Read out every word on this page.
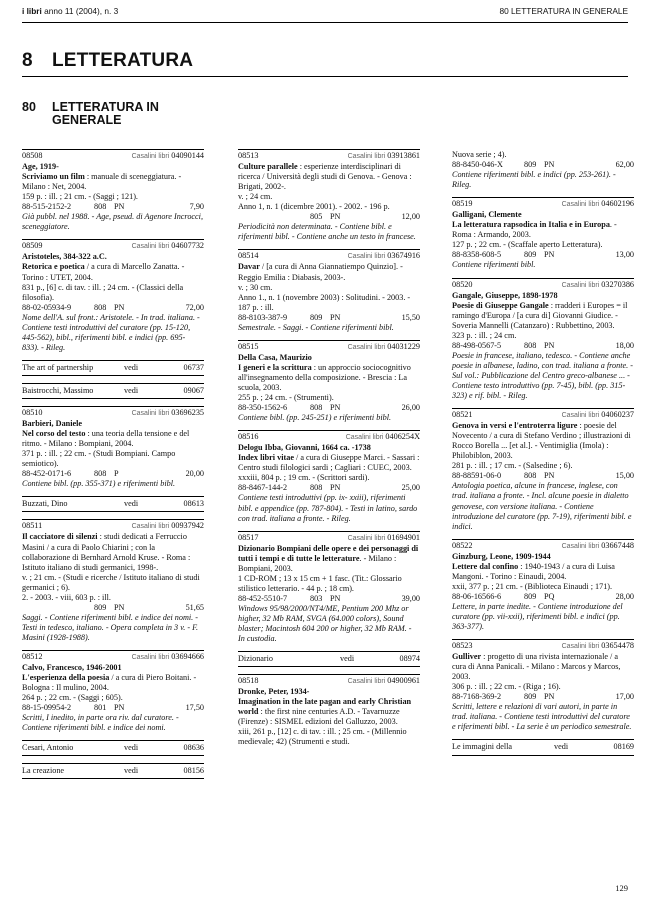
i libri anno 11 (2004), n. 3	80 LETTERATURA IN GENERALE
8 LETTERATURA
80 LETTERATURA IN
GENERALE
08508	Casalini libri 04090144

Age, 1919-

Scriviamo un film : manuale di sceneggiatura. - Milano : Net, 2004.

159 p. : ill. ; 21 cm. - (Saggi ; 121).

88-515-2152-2	808 PN	7,90

Già pubbl. nel 1988. - Age, pseud. di Agenore Incrocci, sceneggiatore.

08509	Casalini libri 04607732

Aristoteles, 384-322 a.C.

Retorica e poetica / a cura di Marcello Zanatta. - Torino : UTET, 2004.

831 p., [6] c. di tav. : ill. ; 24 cm. - (Classici della filosofia).

88-02-05934-9	808 PN	72,00

Nome dell'A. sul front.: Aristotele. - In trad. italiana. - Contiene testi introduttivi del curatore (pp. 15-120, 445-562), bibl., riferimenti bibl. e indici (pp. 695- 833). - Rileg.

The art of partnership	vedi	06737
Baistrocchi, Massimo	vedi	09067
08510	Casalini libri 03696235

Barbieri, Daniele

Nel corso del testo : una teoria della tensione e del ritmo. - Milano : Bompiani, 2004.

371 p. : ill. ; 22 cm. - (Studi Bompiani. Campo semiotico).

88-452-0171-6	808 P	20,00

Contiene bibl. (pp. 355-371) e riferimenti bibl.

Buzzati, Dino	vedi	08613
08511	Casalini libri 00937942

Il cacciatore di silenzi : studi dedicati a Ferruccio Masini / a cura di Paolo Chiarini ; con la collaborazione di Bernhard Arnold Kruse. - Roma : Istituto italiano di studi germanici, 1998-.

v. ; 21 cm. - (Studi e ricerche / Istituto italiano di studi germanici ; 6).

2. - 2003. - viii, 603 p. : ill.

809 PN	51,65

Saggi. - Contiene riferimenti bibl. e indice dei nomi. - Testi in tedesco, italiano. - Opera completa in 3 v. - F. Masini (1928-1988).

08512	Casalini libri 03694666

Calvo, Francesco, 1946-2001

L'esperienza della poesia / a cura di Piero Boitani. - Bologna : Il mulino, 2004.

264 p. ; 22 cm. - (Saggi ; 605).

88-15-09954-2	801 PN	17,50

Scritti, I inedito, in parte ora riv. dal curatore. - Contiene riferimenti bibl. e indice dei nomi.

Cesari, Antonio	vedi	08636
La creazione	vedi	08156
08513	Casalini libri 03913861

Culture parallele : esperienze interdisciplinari di ricerca / Università degli studi di Genova. - Genova : Brigati, 2002-.

v. ; 24 cm.

Anno 1, n. 1 (dicembre 2001). - 2002. - 196 p.

805 PN	12,00

Periodicità non determinata. - Contiene bibl. e riferimenti bibl. - Contiene anche un testo in francese.

08514	Casalini libri 03674916

Davar / [a cura di Anna Giannatiempo Quinzio]. - Reggio Emilia : Diabasis, 2003-.

v. ; 30 cm.

Anno 1., n. 1 (novembre 2003) : Solitudini. - 2003. - 187 p. : ill.

88-8103-387-9	809 PN	15,50

Semestrale. - Saggi. - Contiene riferimenti bibl.

08515	Casalini libri 04031229

Della Casa, Maurizio

I generi e la scrittura : un approccio sociocognitivo all'insegnamento della composizione. - Brescia : La scuola, 2003.

255 p. ; 24 cm. - (Strumenti).

88-350-1562-6	808 PN	26,00

Contiene bibl. (pp. 245-251) e riferimenti bibl.

08516	Casalini libri 0406254X

Delogu Ibba, Giovanni, 1664 ca. -1738

Index libri vitae / a cura di Giuseppe Marci. - Sassari : Centro studi filologici sardi ; Cagliari : CUEC, 2003.

xxxiii, 804 p. ; 19 cm. - (Scrittori sardi).

88-8467-144-2	808 PN	25,00

Contiene testi introduttivi (pp. ix- xxiii), riferimenti bibl. e appendice (pp. 787-804). - Testi in latino, sardo con trad. italiana a fronte. - Rileg.

08517	Casalini libri 01694901

Dizionario Bompiani delle opere e dei personaggi di tutti i tempi e di tutte le letterature. - Milano : Bompiani, 2003.

1 CD-ROM ; 13 x 15 cm + 1 fasc. (Tit.: Glossario stilistico letterario. - 44 p. ; 18 cm).

88-452-5510-7	803 PN	39,00

Windows 95/98/2000/NT4/ME, Pentium 200 Mhz or higher, 32 Mb RAM, SVGA (64.000 colors), Sound blaster; Macintosh 604 200 or higher, 32 Mb RAM. - In custodia.

Dizionario	vedi	08974
08518	Casalini libri 04900961

Dronke, Peter, 1934-

Imagination in the late pagan and early Christian world : the first nine centuries A.D. - Tavarnuzze (Firenze) : SISMEL edizioni del Galluzzo, 2003.

xiii, 261 p., [12] c. di tav. : ill. ; 25 cm. - (Millennio medievale; 42) (Strumenti e studi.

Nuova serie ; 4).

88-8450-046-X	809 PN	62,00

Contiene riferimenti bibl. e indici (pp. 253-261). - Rileg.

08519	Casalini libri 04602196

Galligani, Clemente

La letteratura rapsodica in Italia e in Europa. - Roma : Armando, 2003.

127 p. ; 22 cm. - (Scaffale aperto Letteratura).

88-8358-608-5	809 PN	13,00

Contiene riferimenti bibl.

08520	Casalini libri 03270386

Gangale, Giuseppe, 1898-1978

Poesie di Giuseppe Gangale : rradderi i Europes = il ramingo d'Europa / [a cura di] Giovanni Giudice. - Soveria Mannelli (Catanzaro) : Rubbettino, 2003.

323 p. : ill. ; 24 cm.

88-498-0567-5	808 PN	18,00

Poesie in francese, italiano, tedesco. - Contiene anche poesie in albanese, ladino, con trad. italiana a fronte. - Sul vol.: Pubblicazione del Centro greco-albanese ... - Contiene testo introduttivo (pp. 7-45), bibl. (pp. 315-323) e rif. bibl. - Rileg.

08521	Casalini libri 04060237

Genova in versi e l'entroterra ligure : poesie del Novecento / a cura di Stefano Verdino ; illustrazioni di Rocco Borella ... [et al.]. - Ventimiglia (Imola) : Philobiblon, 2003.

281 p. : ill. ; 17 cm. - (Salsedine ; 6).

88-88591-06-0	808 PN	15,00

Antologia poetica, alcune in francese, inglese, con trad. italiana a fronte. - Incl. alcune poesie in dialetto genovese, con versione italiana. - Contiene introduzione del curatore (pp. 7-19), riferimenti bibl. e indici.

08522	Casalini libri 03667448

Ginzburg, Leone, 1909-1944

Lettere dal confino : 1940-1943 / a cura di Luisa Mangoni. - Torino : Einaudi, 2004.

xxii, 377 p. ; 21 cm. - (Biblioteca Einaudi ; 171).

88-06-16566-6	809 PQ	28,00

Lettere, in parte inedite. - Contiene introduzione del curatore (pp. vii-xxii), riferimenti bibl. e indici (pp. 363-377).

08523	Casalini libri 03654478

Gulliver : progetto di una rivista internazionale / a cura di Anna Panicali. - Milano : Marcos y Marcos, 2003.

306 p. : ill. ; 22 cm. - (Riga ; 16).

88-7168-369-2	809 PN	17,00

Scritti, lettere e relazioni di vari autori, in parte in trad. italiana. - Contiene testi introduttivi del curatore e riferimenti bibl. - La serie è un periodico semestrale.

Le immagini della	vedi	08169
129
